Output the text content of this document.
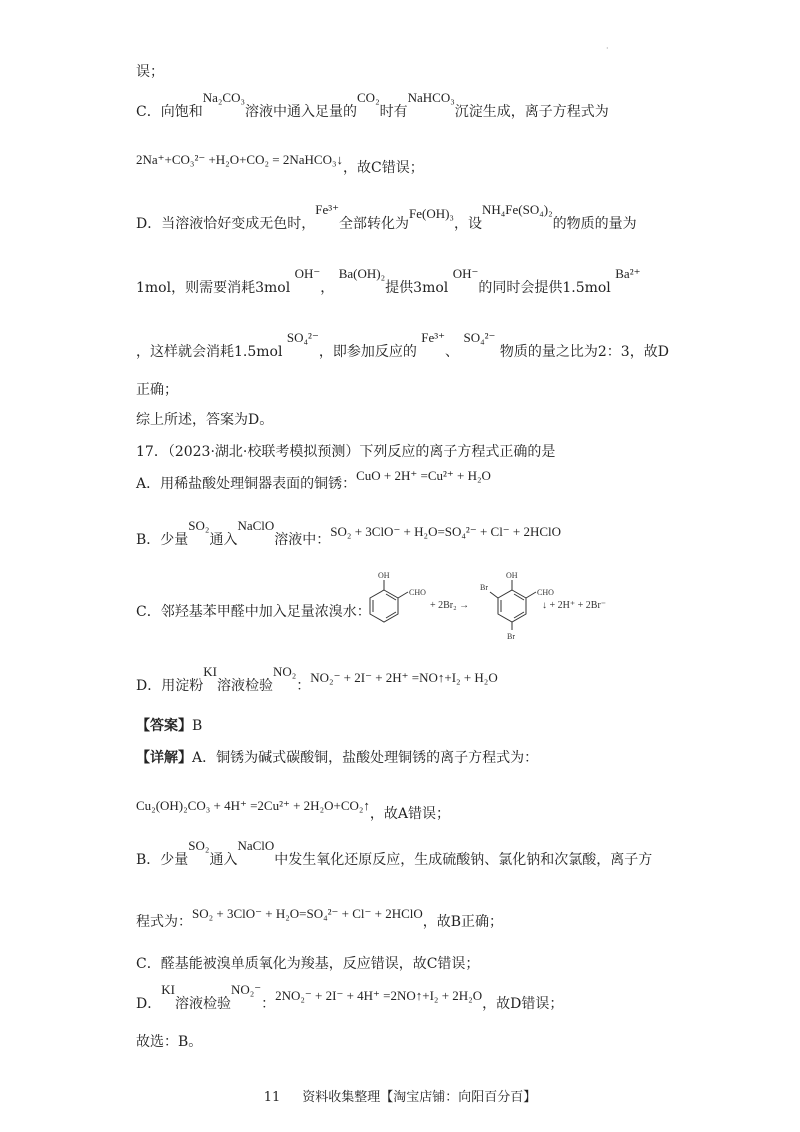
·
误；
C．向饱和Na₂CO₃溶液中通入足量的CO₂时有NaHCO₃沉淀生成，离子方程式为
2Na⁺+CO₃²⁻ +H₂O+CO₂ = 2NaHCO₃↓，故C错误；
D．当溶液恰好变成无色时，Fe³⁺全部转化为Fe(OH)₃，设NH₄Fe(SO₄)₂的物质的量为
1mol，则需要消耗3mol OH⁻， Ba(OH)₂提供3mol OH⁻的同时会提供1.5mol Ba²⁺
，这样就会消耗1.5mol SO₄²⁻，即参加反应的 Fe³⁺、 SO₄²⁻ 物质的量之比为2：3，故D
正确；
综上所述，答案为D。
17．（2023·湖北·校联考模拟预测）下列反应的离子方程式正确的是
A．用稀盐酸处理铜器表面的铜锈：CuO + 2H⁺ =Cu²⁺ + H₂O
B．少量SO₂通入NaClO溶液中：SO₂ + 3ClO⁻ + H₂O=SO₄²⁻ + Cl⁻ + 2HClO
C．邻羟基苯甲醛中加入足量浓溴水：
OH
CHO
+ 2Br₂ →
OH
CHO
Br
Br
↓ + 2H⁺ + 2Br⁻
D．用淀粉KI溶液检验NO₂：NO₂⁻ + 2I⁻ + 2H⁺ =NO↑+I₂ + H₂O
【答案】B
【详解】A．铜锈为碱式碳酸铜，盐酸处理铜锈的离子方程式为：
Cu₂(OH)₂CO₃ + 4H⁺ =2Cu²⁺ + 2H₂O+CO₂↑，故A错误；
B．少量SO₂通入NaClO中发生氧化还原反应，生成硫酸钠、氯化钠和次氯酸，离子方
程式为：SO₂ + 3ClO⁻ + H₂O=SO₄²⁻ + Cl⁻ + 2HClO，故B正确；
C．醛基能被溴单质氧化为羧基，反应错误，故C错误；
D．KI溶液检验NO₂⁻：2NO₂⁻ + 2I⁻ + 4H⁺ =2NO↑+I₂ + 2H₂O，故D错误；
故选：B。
11 资料收集整理【淘宝店铺：向阳百分百】
